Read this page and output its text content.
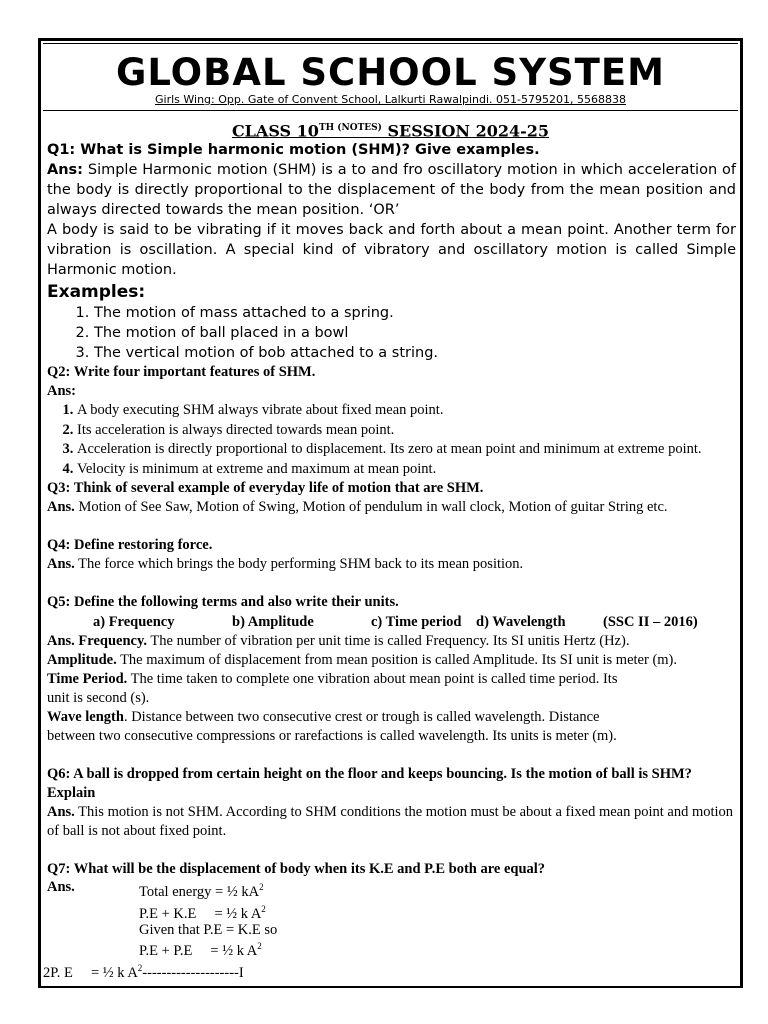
GLOBAL SCHOOL SYSTEM
Girls Wing: Opp. Gate of Convent School, Lalkurti Rawalpindi. 051-5795201, 5568838
CLASS $10^{TH (NOTES)}$ SESSION 2024-25
Q1: What is Simple harmonic motion (SHM)? Give examples.
Ans: Simple Harmonic motion (SHM) is a to and fro oscillatory motion in which acceleration of the body is directly proportional to the displacement of the body from the mean position and always directed towards the mean position. ‘OR’
A body is said to be vibrating if it moves back and forth about a mean point. Another term for vibration is oscillation. A special kind of vibratory and oscillatory motion is called Simple Harmonic motion.
Examples:
1. The motion of mass attached to a spring.
2. The motion of ball placed in a bowl
3. The vertical motion of bob attached to a string.
Q2: Write four important features of SHM.
Ans:
1. A body executing SHM always vibrate about fixed mean point.
2. Its acceleration is always directed towards mean point.
3. Acceleration is directly proportional to displacement. Its zero at mean point and minimum at extreme point.
4. Velocity is minimum at extreme and maximum at mean point.
Q3: Think of several example of everyday life of motion that are SHM.
Ans. Motion of See Saw, Motion of Swing, Motion of pendulum in wall clock, Motion of guitar String etc.
Q4: Define restoring force.
Ans. The force which brings the body performing SHM back to its mean position.
Q5: Define the following terms and also write their units.
a) Frequency	b) Amplitude	c) Time period d) Wavelength	(SSC II – 2016)
Ans. Frequency. The number of vibration per unit time is called Frequency. Its SI unitis Hertz (Hz).
Amplitude. The maximum of displacement from mean position is called Amplitude. Its SI unit is meter (m).
Time Period. The time taken to complete one vibration about mean point is called time period. Its
unit is second (s).
Wave length. Distance between two consecutive crest or trough is called wavelength. Distance
between two consecutive compressions or rarefactions is called wavelength. Its units is meter (m).
Q6: A ball is dropped from certain height on the floor and keeps bouncing. Is the motion of ball is SHM? Explain
Ans. This motion is not SHM. According to SHM conditions the motion must be about a fixed mean point and motion of ball is not about fixed point.
Q7: What will be the displacement of body when its K.E and P.E both are equal?
Ans.	Total energy = ½ $kA^2$
P.E + K.E     = ½ k $A^2$
Given that P.E = K.E so
P.E + P.E     = ½ k $A^2$
2P. E     = ½ k $A^2--------------------I$
